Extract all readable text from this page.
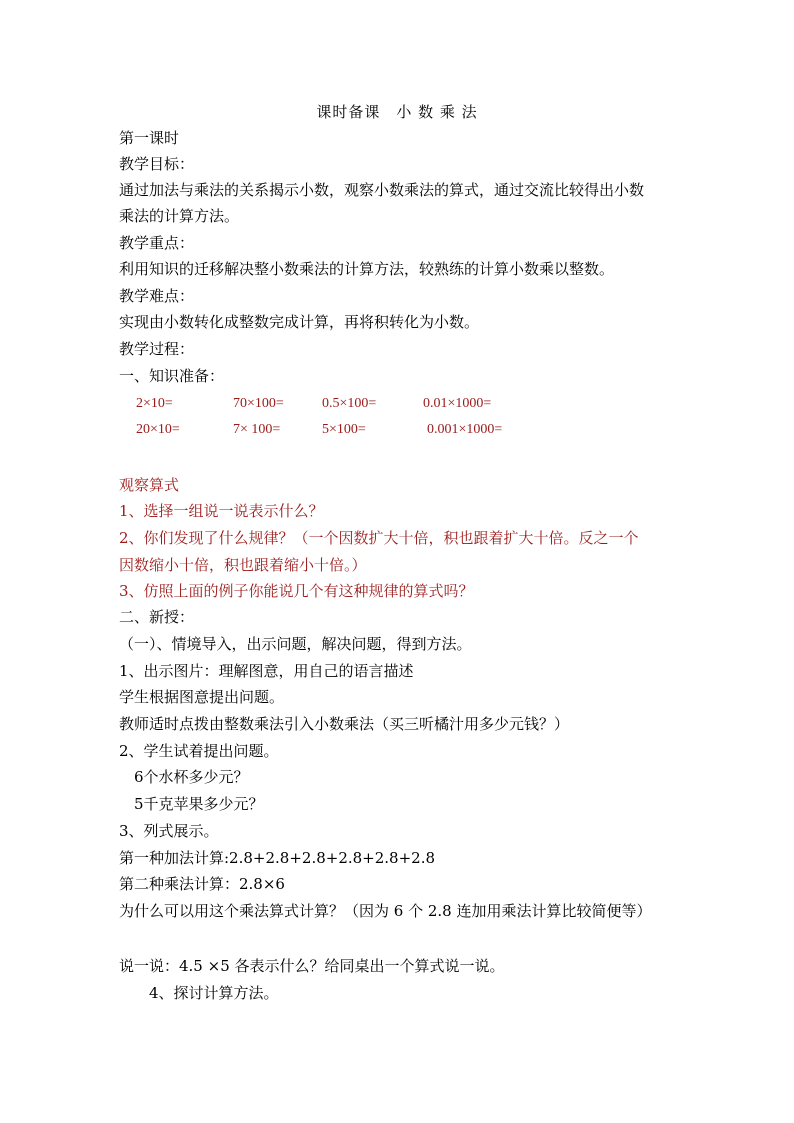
课时备课　小 数 乘 法
第一课时
教学目标：
通过加法与乘法的关系揭示小数，观察小数乘法的算式，通过交流比较得出小数
乘法的计算方法。
教学重点：
利用知识的迁移解决整小数乘法的计算方法，较熟练的计算小数乘以整数。
教学难点：
实现由小数转化成整数完成计算，再将积转化为小数。
教学过程：
一、知识准备：
2×10=	70×100=	0.5×100=	0.01×1000=
20×10=	7× 100=	5×100=	0.001×1000=
观察算式
1、选择一组说一说表示什么？
2、你们发现了什么规律？（一个因数扩大十倍，积也跟着扩大十倍。反之一个
因数缩小十倍，积也跟着缩小十倍。）
3、仿照上面的例子你能说几个有这种规律的算式吗？
二、新授：
（一）、情境导入，出示问题，解决问题，得到方法。
1、出示图片：理解图意，用自己的语言描述
学生根据图意提出问题。
教师适时点拨由整数乘法引入小数乘法（买三听橘汁用多少元钱？）
2、学生试着提出问题。
6个水杯多少元？
5千克苹果多少元？
3、列式展示。
第一种加法计算:2.8+2.8+2.8+2.8+2.8+2.8
第二种乘法计算：2.8×6
为什么可以用这个乘法算式计算？（因为 6 个 2.8 连加用乘法计算比较简便等）
说一说：4.5 ×5 各表示什么？给同桌出一个算式说一说。
4、探讨计算方法。
